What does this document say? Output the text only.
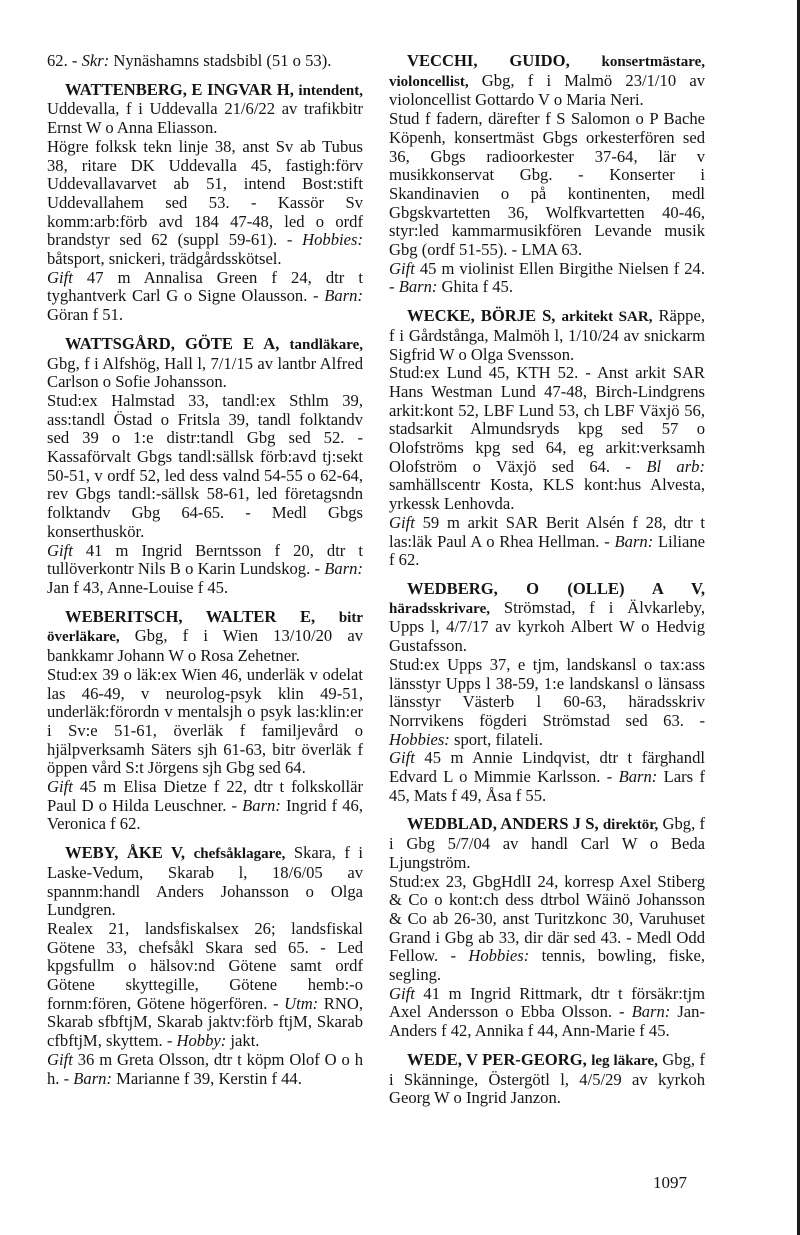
62. - Skr: Nynäshamns stadsbibl (51 o 53).

WATTENBERG, E INGVAR H, intendent, Uddevalla, f i Uddevalla 21/6/22 av trafikbitr Ernst W o Anna Eliasson.

Högre folksk tekn linje 38, anst Sv ab Tubus 38, ritare DK Uddevalla 45, fastigh:förv Uddevallavarvet ab 51, intend Bost:stift Uddevallahem sed 53. - Kassör Sv komm:arb:förb avd 184 47-48, led o ordf brandstyr sed 62 (suppl 59-61). - Hobbies: båtsport, snickeri, trädgårdsskötsel.

Gift 47 m Annalisa Green f 24, dtr t tyghantverk Carl G o Signe Olausson. - Barn: Göran f 51.

WATTSGÅRD, GÖTE E A, tandläkare, Gbg, f i Alfshög, Hall l, 7/1/15 av lantbr Alfred Carlson o Sofie Johansson.

Stud:ex Halmstad 33, tandl:ex Sthlm 39, ass:tandl Östad o Fritsla 39, tandl folktandv sed 39 o 1:e distr:tandl Gbg sed 52. - Kassaförvalt Gbgs tandl:sällsk förb:avd tj:sekt 50-51, v ordf 52, led dess valnd 54-55 o 62-64, rev Gbgs tandl:-sällsk 58-61, led företagsndn folktandv Gbg 64-65. - Medl Gbgs konserthuskör.

Gift 41 m Ingrid Berntsson f 20, dtr t tullöverkontr Nils B o Karin Lundskog. - Barn: Jan f 43, Anne-Louise f 45.

WEBERITSCH, WALTER E, bitr överläkare, Gbg, f i Wien 13/10/20 av bankkamr Johann W o Rosa Zehetner.

Stud:ex 39 o läk:ex Wien 46, underläk v odelat las 46-49, v neurolog-psyk klin 49-51, underläk:förordn v mentalsjh o psyk las:klin:er i Sv:e 51-61, överläk f familjevård o hjälpverksamh Säters sjh 61-63, bitr överläk f öppen vård S:t Jörgens sjh Gbg sed 64.

Gift 45 m Elisa Dietze f 22, dtr t folkskollär Paul D o Hilda Leuschner. - Barn: Ingrid f 46, Veronica f 62.

WEBY, ÅKE V, chefsåklagare, Skara, f i Laske-Vedum, Skarab l, 18/6/05 av spannm:handl Anders Johansson o Olga Lundgren.

Realex 21, landsfiskalsex 26; landsfiskal Götene 33, chefsåkl Skara sed 65. - Led kpgsfullm o hälsov:nd Götene samt ordf Götene skyttegille, Götene hemb:-o fornm:fören, Götene högerfören. - Utm: RNO, Skarab sfbftjM, Skarab jaktv:förb ftjM, Skarab cfbftjM, skyttem. - Hobby: jakt.

Gift 36 m Greta Olsson, dtr t köpm Olof O o h h. - Barn: Marianne f 39, Kerstin f 44.

VECCHI, GUIDO, konsertmästare, violoncellist, Gbg, f i Malmö 23/1/10 av violoncellist Gottardo V o Maria Neri.

Stud f fadern, därefter f S Salomon o P Bache Köpenh, konsertmäst Gbgs orkesterfören sed 36, Gbgs radioorkester 37-64, lär v musikkonservat Gbg. - Konserter i Skandinavien o på kontinenten, medl Gbgskvartetten 36, Wolfkvartetten 40-46, styr:led kammarmusikfören Levande musik Gbg (ordf 51-55). - LMA 63.

Gift 45 m violinist Ellen Birgithe Nielsen f 24. - Barn: Ghita f 45.

WECKE, BÖRJE S, arkitekt SAR, Räppe, f i Gårdstånga, Malmöh l, 1/10/24 av snickarm Sigfrid W o Olga Svensson.

Stud:ex Lund 45, KTH 52. - Anst arkit SAR Hans Westman Lund 47-48, Birch-Lindgrens arkit:kont 52, LBF Lund 53, ch LBF Växjö 56, stadsarkit Almundsryds kpg sed 57 o Olofströms kpg sed 64, eg arkit:verksamh Olofström o Växjö sed 64. - Bl arb: samhällscentr Kosta, KLS kont:hus Alvesta, yrkessk Lenhovda.

Gift 59 m arkit SAR Berit Alsén f 28, dtr t las:läk Paul A o Rhea Hellman. - Barn: Liliane f 62.

WEDBERG, O (OLLE) A V, häradsskrivare, Strömstad, f i Älvkarleby, Upps l, 4/7/17 av kyrkoh Albert W o Hedvig Gustafsson.

Stud:ex Upps 37, e tjm, landskansl o tax:ass länsstyr Upps l 38-59, 1:e landskansl o länsass länsstyr Västerb l 60-63, häradsskriv Norrvikens fögderi Strömstad sed 63. - Hobbies: sport, filateli.

Gift 45 m Annie Lindqvist, dtr t färghandl Edvard L o Mimmie Karlsson. - Barn: Lars f 45, Mats f 49, Åsa f 55.

WEDBLAD, ANDERS J S, direktör, Gbg, f i Gbg 5/7/04 av handl Carl W o Beda Ljungström.

Stud:ex 23, GbgHdlI 24, korresp Axel Stiberg & Co o kont:ch dess dtrbol Wäinö Johansson & Co ab 26-30, anst Turitzkonc 30, Varuhuset Grand i Gbg ab 33, dir där sed 43. - Medl Odd Fellow. - Hobbies: tennis, bowling, fiske, segling.

Gift 41 m Ingrid Rittmark, dtr t försäkr:tjm Axel Andersson o Ebba Olsson. - Barn: Jan-Anders f 42, Annika f 44, Ann-Marie f 45.

WEDE, V PER-GEORG, leg läkare, Gbg, f i Skänninge, Östergötl l, 4/5/29 av kyrkoh Georg W o Ingrid Janzon.

1097
